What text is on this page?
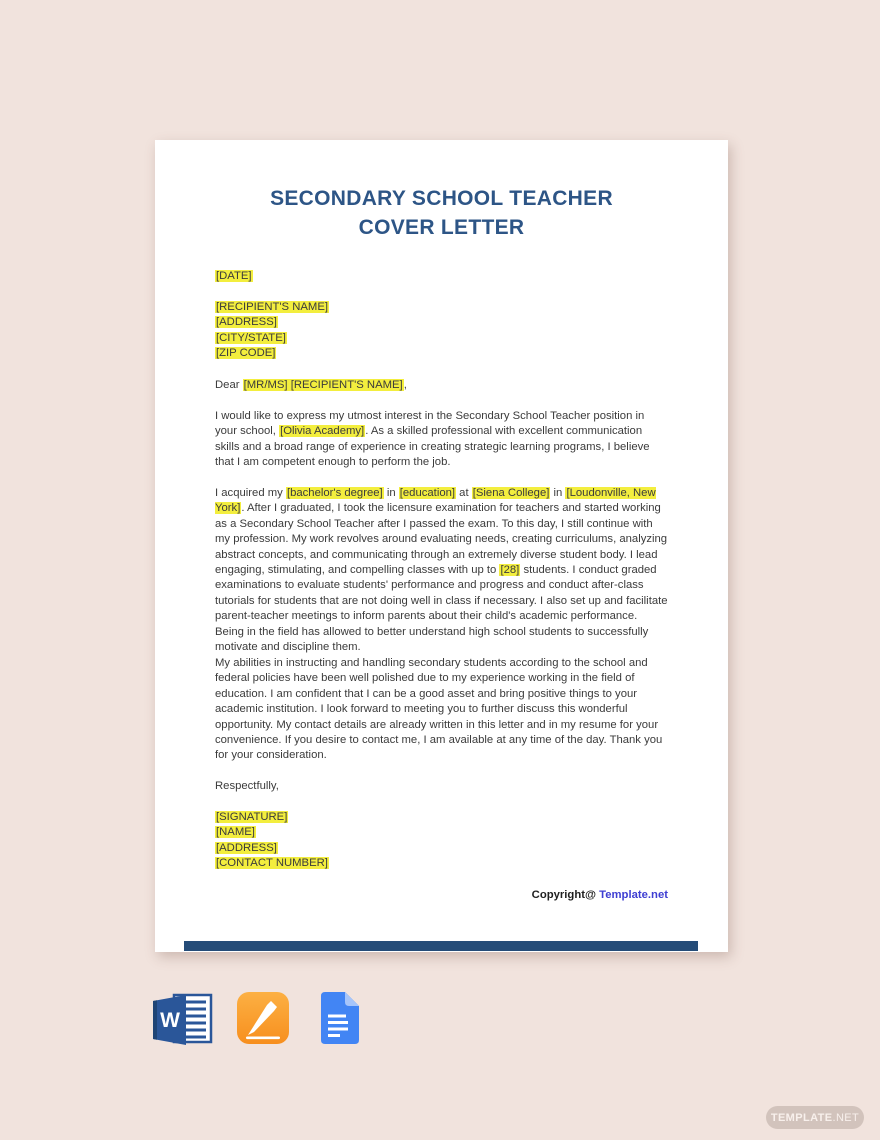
SECONDARY SCHOOL TEACHER
COVER LETTER
[DATE]
[RECIPIENT'S NAME]
[ADDRESS]
[CITY/STATE]
[ZIP CODE]

Dear [MR/MS] [RECIPIENT'S NAME],

I would like to express my utmost interest in the Secondary School Teacher position in your school, [Olivia Academy]. As a skilled professional with excellent communication skills and a broad range of experience in creating strategic learning programs, I believe that I am competent enough to perform the job.

I acquired my [bachelor's degree] in [education] at [Siena College] in [Loudonville, New York]. After I graduated, I took the licensure examination for teachers and started working as a Secondary School Teacher after I passed the exam. To this day, I still continue with my profession. My work revolves around evaluating needs, creating curriculums, analyzing abstract concepts, and communicating through an extremely diverse student body. I lead engaging, stimulating, and compelling classes with up to [28] students. I conduct graded examinations to evaluate students' performance and progress and conduct after-class tutorials for students that are not doing well in class if necessary. I also set up and facilitate parent-teacher meetings to inform parents about their child's academic performance. Being in the field has allowed to better understand high school students to successfully motivate and discipline them.

My abilities in instructing and handling secondary students according to the school and federal policies have been well polished due to my experience working in the field of education. I am confident that I can be a good asset and bring positive things to your academic institution. I look forward to meeting you to further discuss this wonderful opportunity. My contact details are already written in this letter and in my resume for your convenience. If you desire to contact me, I am available at any time of the day. Thank you for your consideration.

Respectfully,

[SIGNATURE]
[NAME]
[ADDRESS]
[CONTACT NUMBER]
Copyright@ Template.net
W
TEMPLATE .NET
